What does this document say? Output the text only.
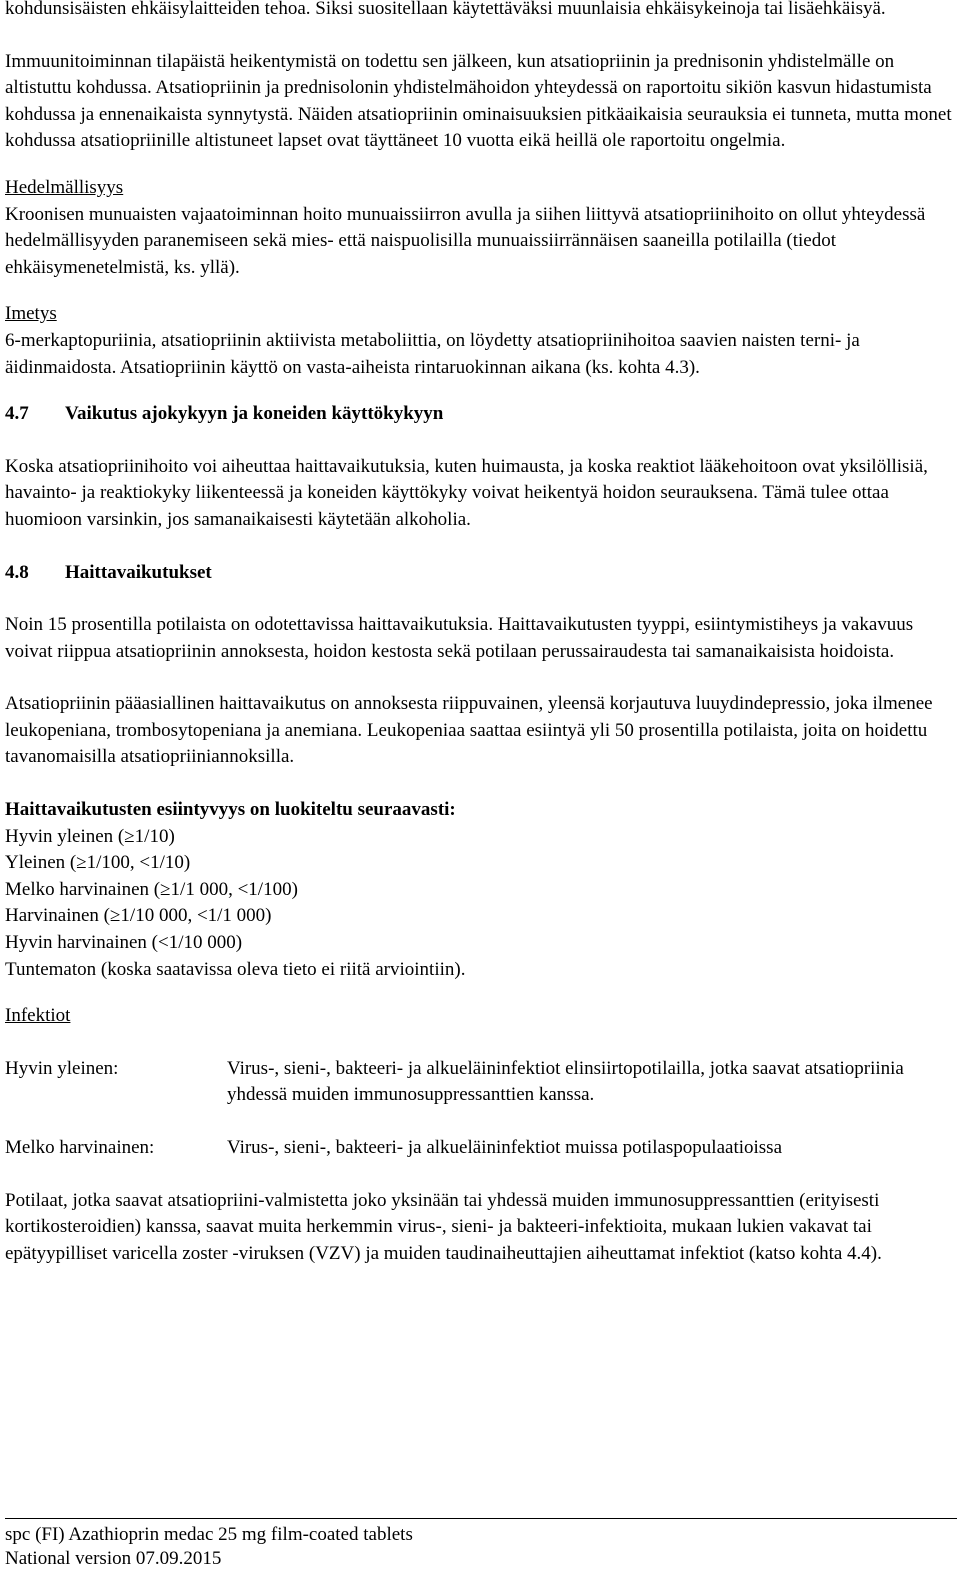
kohdunsisäisten ehkäisylaitteiden tehoa. Siksi suositellaan käytettäväksi muunlaisia ehkäisykeinoja tai lisäehkäisyä.

Immuunitoiminnan tilapäistä heikentymistä on todettu sen jälkeen, kun atsatiopriinin ja prednisonin yhdistelmälle on altistuttu kohdussa. Atsatiopriinin ja prednisolonin yhdistelmähoidon yhteydessä on raportoitu sikiön kasvun hidastumista kohdussa ja ennenaikaista synnytystä. Näiden atsatiopriinin ominaisuuksien pitkäaikaisia seurauksia ei tunneta, mutta monet kohdussa atsatiopriinille altistuneet lapset ovat täyttäneet 10 vuotta eikä heillä ole raportoitu ongelmia.

Hedelmällisyys

Kroonisen munuaisten vajaatoiminnan hoito munuaissiirron avulla ja siihen liittyvä atsatiopriinihoito on ollut yhteydessä hedelmällisyyden paranemiseen sekä mies- että naispuolisilla munuaissiirrännäisen saaneilla potilailla (tiedot ehkäisymenetelmistä, ks. yllä).

Imetys

6-merkaptopuriinia, atsatiopriinin aktiivista metaboliittia, on löydetty atsatiopriinihoitoa saavien naisten terni- ja äidinmaidosta. Atsatiopriinin käyttö on vasta-aiheista rintaruokinnan aikana (ks. kohta 4.3).

4.7 Vaikutus ajokykyyn ja koneiden käyttökykyyn

Koska atsatiopriinihoito voi aiheuttaa haittavaikutuksia, kuten huimausta, ja koska reaktiot lääkehoitoon ovat yksilöllisiä, havainto- ja reaktiokyky liikenteessä ja koneiden käyttökyky voivat heikentyä hoidon seurauksena. Tämä tulee ottaa huomioon varsinkin, jos samanaikaisesti käytetään alkoholia.

4.8 Haittavaikutukset

Noin 15 prosentilla potilaista on odotettavissa haittavaikutuksia. Haittavaikutusten tyyppi, esiintymistiheys ja vakavuus voivat riippua atsatiopriinin annoksesta, hoidon kestosta sekä potilaan perussairaudesta tai samanaikaisista hoidoista.

Atsatiopriinin pääasiallinen haittavaikutus on annoksesta riippuvainen, yleensä korjautuva luuydindepressio, joka ilmenee leukopeniana, trombosytopeniana ja anemiana. Leukopeniaa saattaa esiintyä yli 50 prosentilla potilaista, joita on hoidettu tavanomaisilla atsatiopriiniannoksilla.

Haittavaikutusten esiintyvyys on luokiteltu seuraavasti:

Hyvin yleinen (≥1/10)

Yleinen (≥1/100, <1/10)

Melko harvinainen (≥1/1 000, <1/100)

Harvinainen (≥1/10 000, <1/1 000)

Hyvin harvinainen (<1/10 000)

Tuntematon (koska saatavissa oleva tieto ei riitä arviointiin).

Infektiot

Hyvin yleinen:	Virus-, sieni-, bakteeri- ja alkueläininfektiot elinsiirtopotilailla, jotka saavat atsatiopriinia yhdessä muiden immunosuppressanttien kanssa.
Melko harvinainen:	Virus-, sieni-, bakteeri- ja alkueläininfektiot muissa potilaspopulaatioissa

Potilaat, jotka saavat atsatiopriini-valmistetta joko yksinään tai yhdessä muiden immunosuppressanttien (erityisesti kortikosteroidien) kanssa, saavat muita herkemmin virus-, sieni- ja bakteeri-infektioita, mukaan lukien vakavat tai epätyypilliset varicella zoster -viruksen (VZV) ja muiden taudinaiheuttajien aiheuttamat infektiot (katso kohta 4.4).

spc (FI) Azathioprin medac 25 mg film-coated tablets
National version 07.09.2015
